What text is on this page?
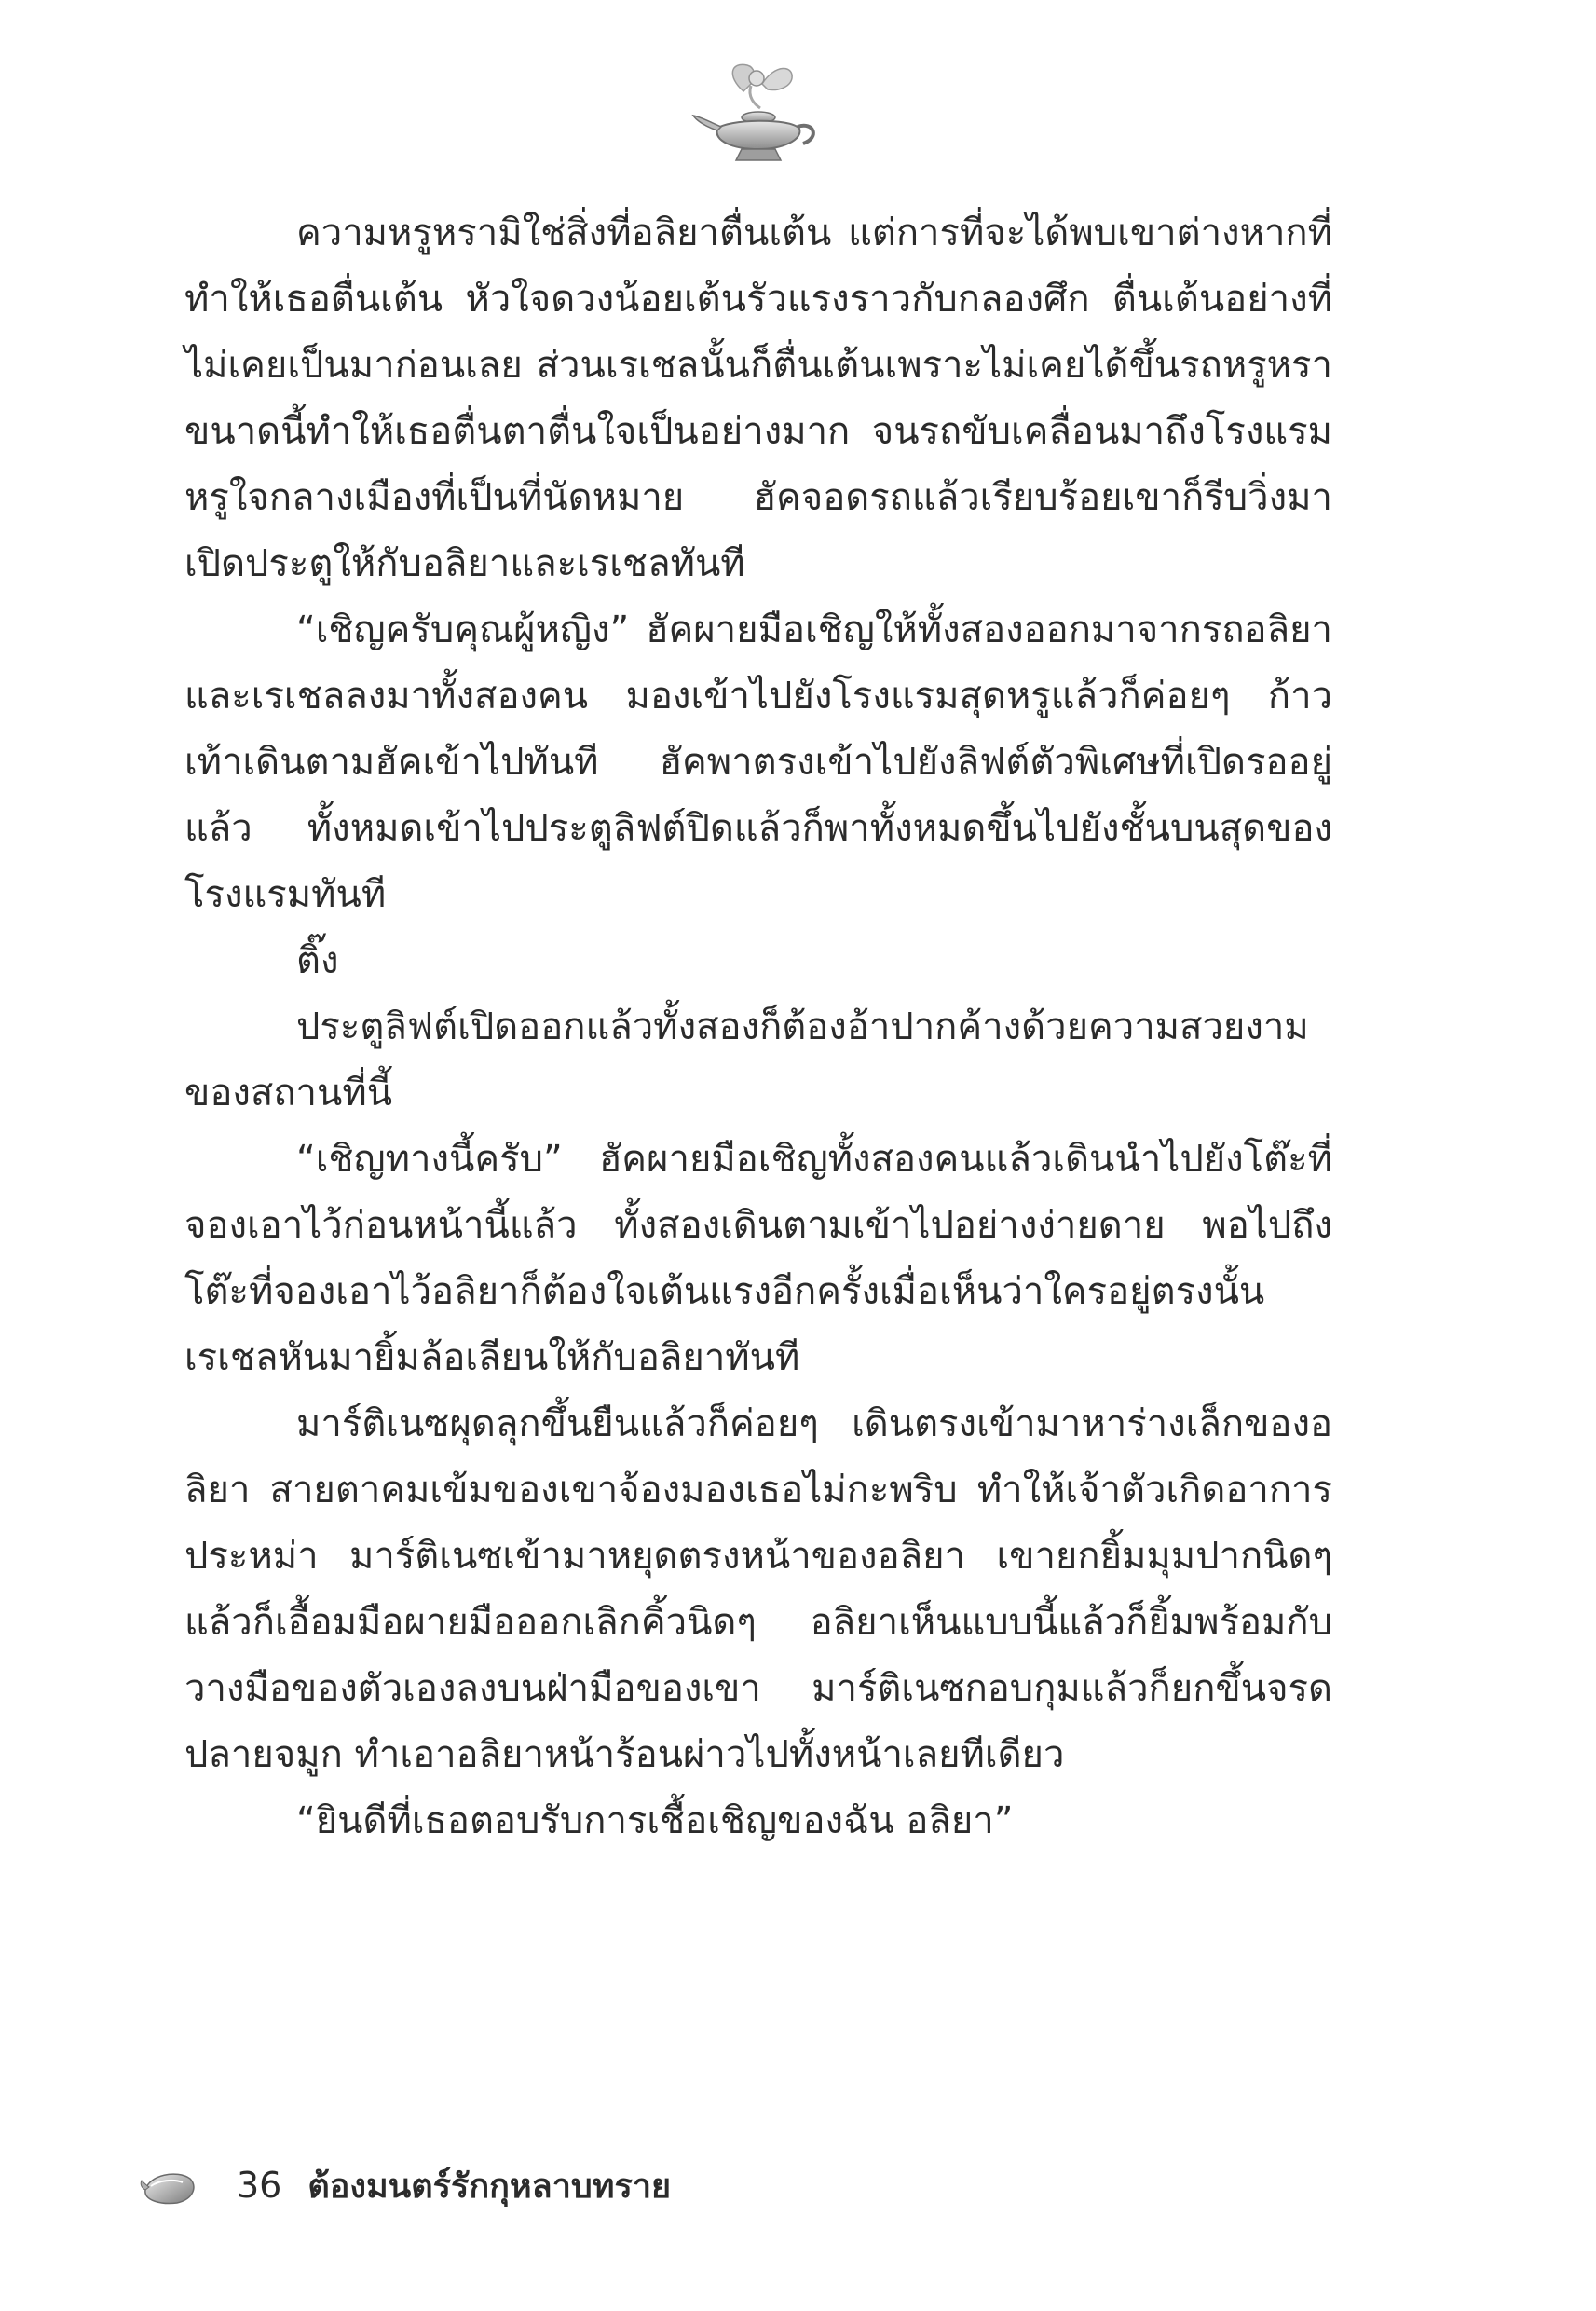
ความหรูหรามิใช่สิ่งที่อลิยาตื่นเต้น แต่การที่จะได้พบเขาต่างหากที่ทำให้เธอตื่นเต้น หัวใจดวงน้อยเต้นรัวแรงราวกับกลองศึก ตื่นเต้นอย่างที่ไม่เคยเป็นมาก่อนเลย ส่วนเรเชลนั้นก็ตื่นเต้นเพราะไม่เคยได้ขึ้นรถหรูหราขนาดนี้ทำให้เธอตื่นตาตื่นใจเป็นอย่างมาก จนรถขับเคลื่อนมาถึงโรงแรมหรูใจกลางเมืองที่เป็นที่นัดหมาย ฮัคจอดรถแล้วเรียบร้อยเขาก็รีบวิ่งมาเปิดประตูให้กับอลิยาและเรเชลทันที

“เชิญครับคุณผู้หญิง” ฮัคผายมือเชิญให้ทั้งสองออกมาจากรถอลิยาและเรเชลลงมาทั้งสองคน มองเข้าไปยังโรงแรมสุดหรูแล้วก็ค่อยๆ ก้าวเท้าเดินตามฮัคเข้าไปทันที ฮัคพาตรงเข้าไปยังลิฟต์ตัวพิเศษที่เปิดรออยู่แล้ว ทั้งหมดเข้าไปประตูลิฟต์ปิดแล้วก็พาทั้งหมดขึ้นไปยังชั้นบนสุดของโรงแรมทันที

ติ๊ง

ประตูลิฟต์เปิดออกแล้วทั้งสองก็ต้องอ้าปากค้างด้วยความสวยงามของสถานที่นี้

“เชิญทางนี้ครับ” ฮัคผายมือเชิญทั้งสองคนแล้วเดินนำไปยังโต๊ะที่จองเอาไว้ก่อนหน้านี้แล้ว ทั้งสองเดินตามเข้าไปอย่างง่ายดาย พอไปถึงโต๊ะที่จองเอาไว้อลิยาก็ต้องใจเต้นแรงอีกครั้งเมื่อเห็นว่าใครอยู่ตรงนั้นเรเชลหันมายิ้มล้อเลียนให้กับอลิยาทันที

มาร์ติเนซผุดลุกขึ้นยืนแล้วก็ค่อยๆ เดินตรงเข้ามาหาร่างเล็กของอลิยา สายตาคมเข้มของเขาจ้องมองเธอไม่กะพริบ ทำให้เจ้าตัวเกิดอาการประหม่า มาร์ติเนซเข้ามาหยุดตรงหน้าของอลิยา เขายกยิ้มมุมปากนิดๆ แล้วก็เอื้อมมือผายมือออกเลิกคิ้วนิดๆ อลิยาเห็นแบบนี้แล้วก็ยิ้มพร้อมกับวางมือของตัวเองลงบนฝ่ามือของเขา มาร์ติเนซกอบกุมแล้วก็ยกขึ้นจรดปลายจมูก ทำเอาอลิยาหน้าร้อนผ่าวไปทั้งหน้าเลยทีเดียว

“ยินดีที่เธอตอบรับการเชื้อเชิญของฉัน อลิยา”

36 ต้องมนตร์รักกุหลาบทราย
